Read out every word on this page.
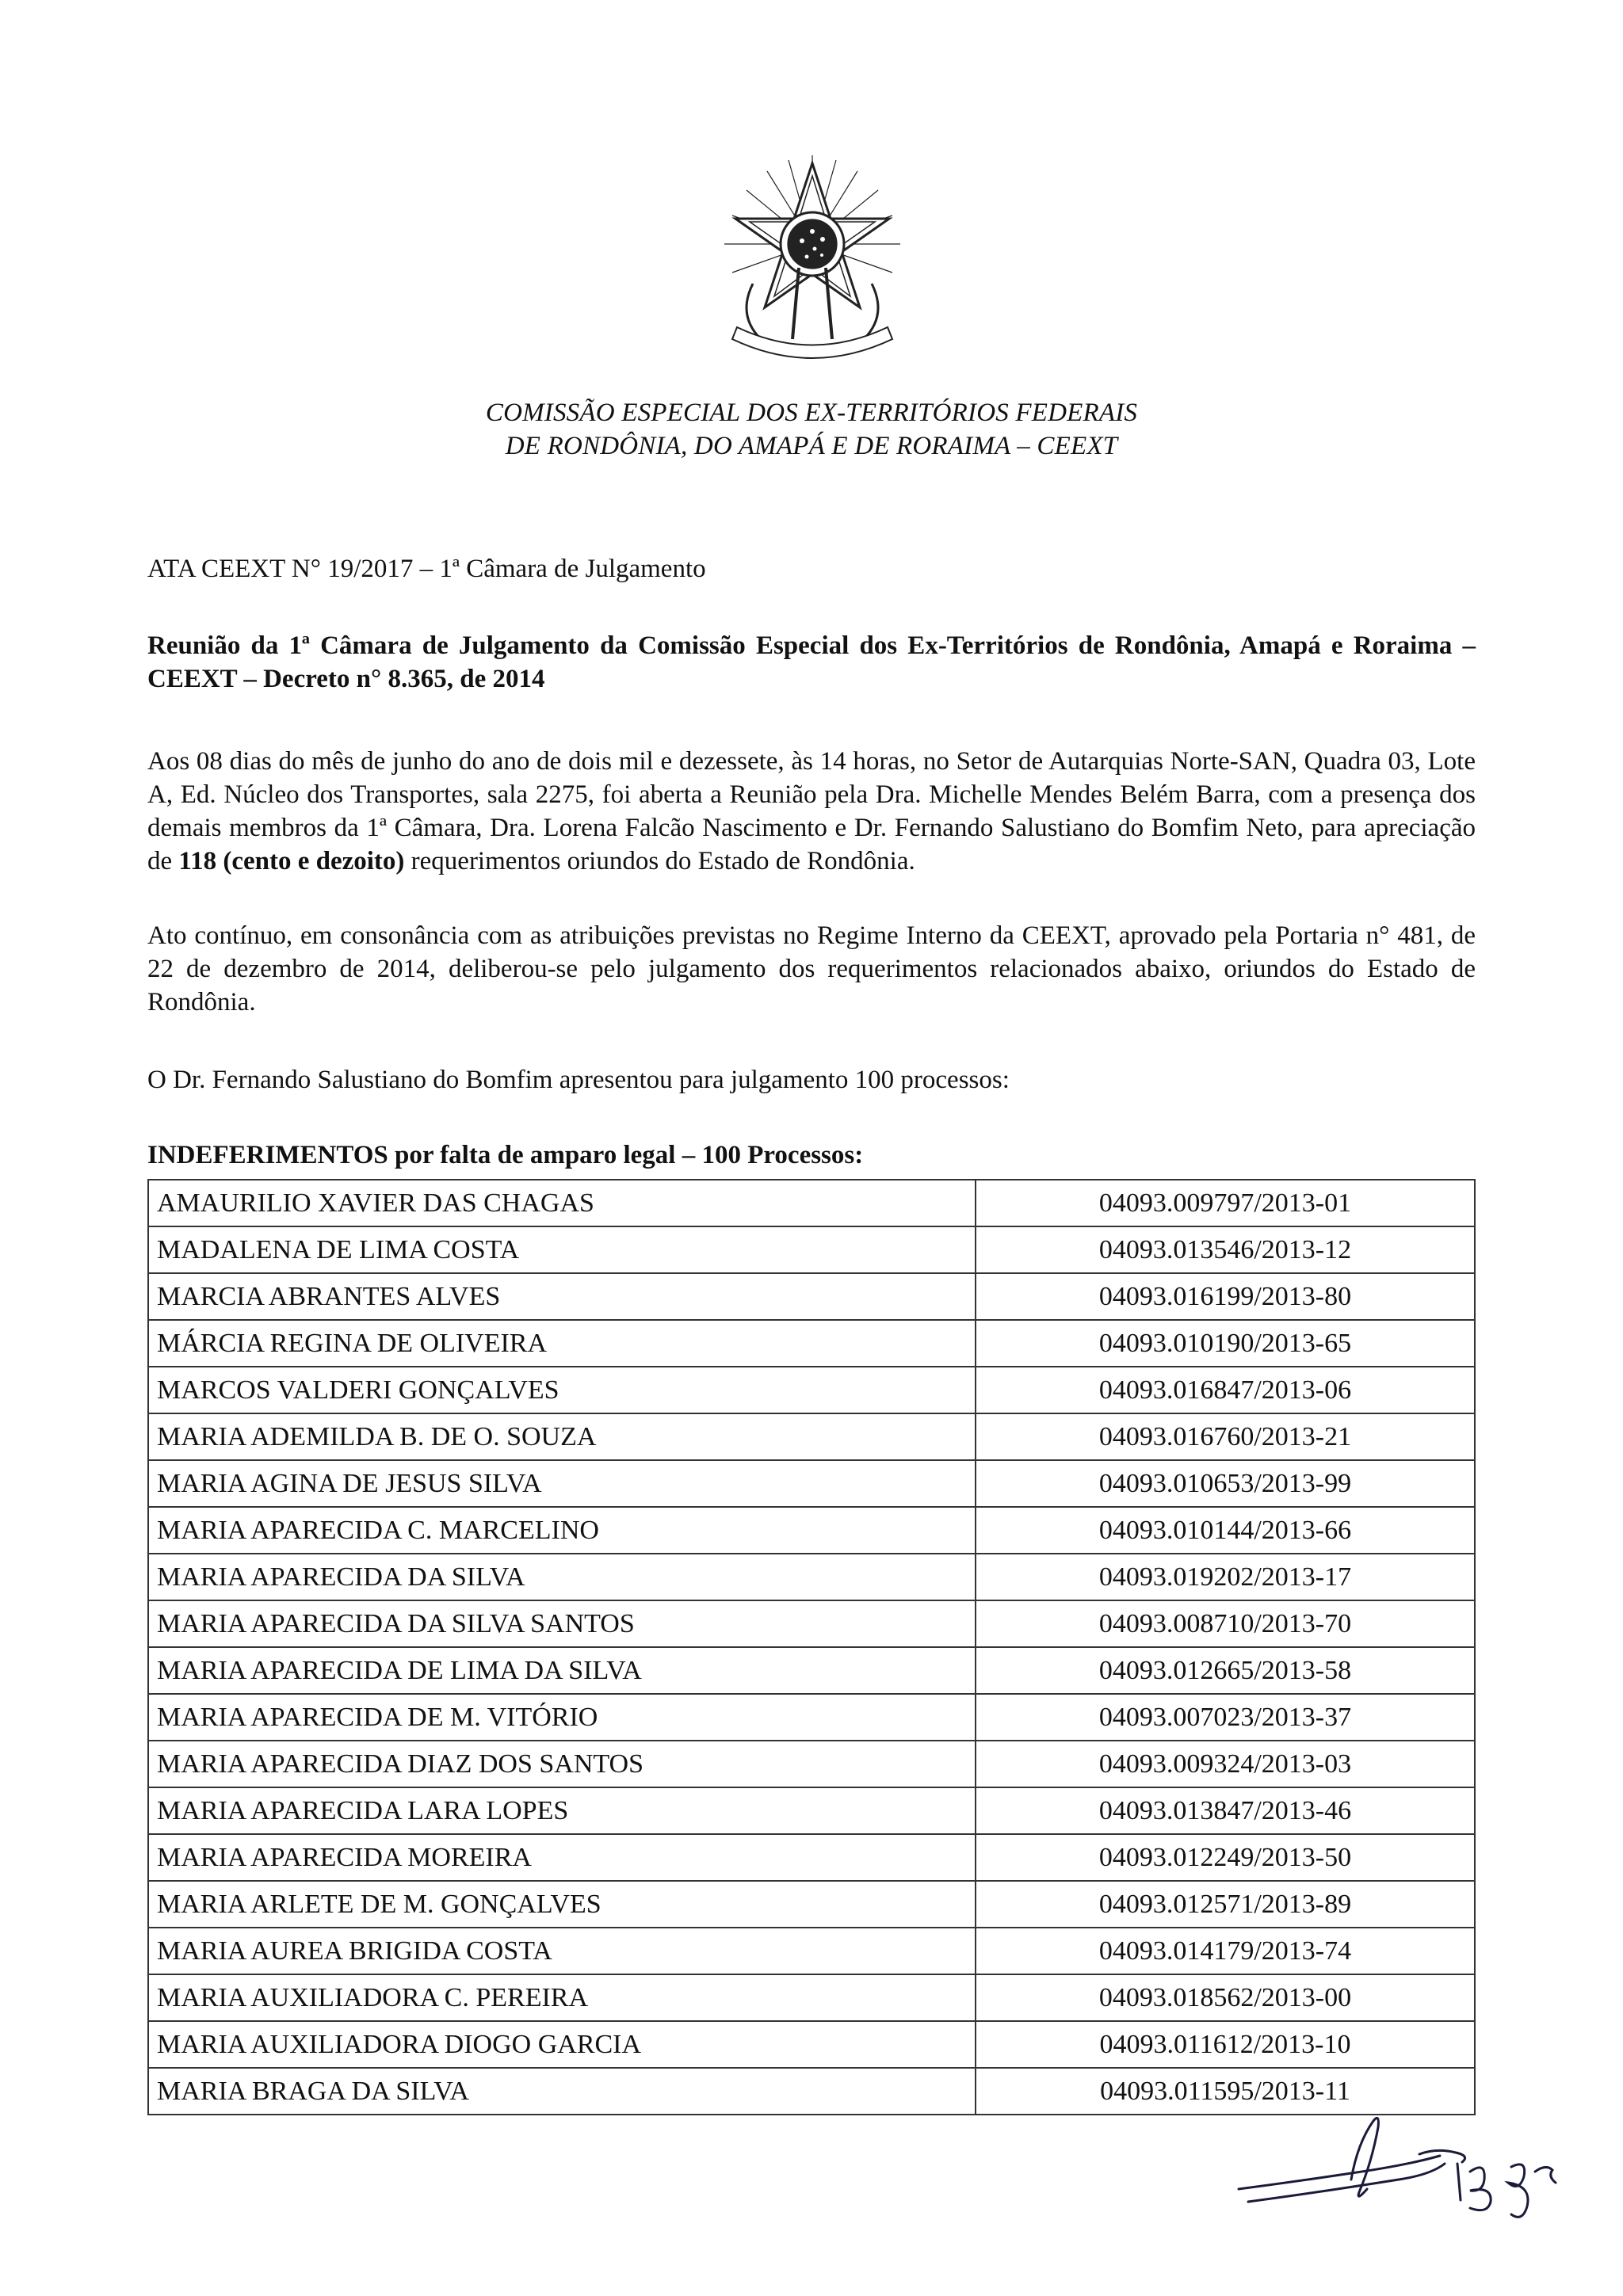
COMISSÃO ESPECIAL DOS EX-TERRITÓRIOS FEDERAIS
DE RONDÔNIA, DO AMAPÁ E DE RORAIMA – CEEXT
ATA CEEXT N° 19/2017 – 1ª Câmara de Julgamento
Reunião da 1ª Câmara de Julgamento da Comissão Especial dos Ex-Territórios de Rondônia, Amapá e Roraima – CEEXT – Decreto n° 8.365, de 2014
Aos 08 dias do mês de junho do ano de dois mil e dezessete, às 14 horas, no Setor de Autarquias Norte-SAN, Quadra 03, Lote A, Ed. Núcleo dos Transportes, sala 2275, foi aberta a Reunião pela Dra. Michelle Mendes Belém Barra, com a presença dos demais membros da 1ª Câmara, Dra. Lorena Falcão Nascimento e Dr. Fernando Salustiano do Bomfim Neto, para apreciação de 118 (cento e dezoito) requerimentos oriundos do Estado de Rondônia.
Ato contínuo, em consonância com as atribuições previstas no Regime Interno da CEEXT, aprovado pela Portaria n° 481, de 22 de dezembro de 2014, deliberou-se pelo julgamento dos requerimentos relacionados abaixo, oriundos do Estado de Rondônia.
O Dr. Fernando Salustiano do Bomfim apresentou para julgamento 100 processos:
INDEFERIMENTOS por falta de amparo legal – 100 Processos:
AMAURILIO XAVIER DAS CHAGAS	04093.009797/2013-01
MADALENA DE LIMA COSTA	04093.013546/2013-12
MARCIA ABRANTES ALVES	04093.016199/2013-80
MÁRCIA REGINA DE OLIVEIRA	04093.010190/2013-65
MARCOS VALDERI GONÇALVES	04093.016847/2013-06
MARIA ADEMILDA B. DE O. SOUZA	04093.016760/2013-21
MARIA AGINA DE JESUS SILVA	04093.010653/2013-99
MARIA APARECIDA C. MARCELINO	04093.010144/2013-66
MARIA APARECIDA DA SILVA	04093.019202/2013-17
MARIA APARECIDA DA SILVA SANTOS	04093.008710/2013-70
MARIA APARECIDA DE LIMA DA SILVA	04093.012665/2013-58
MARIA APARECIDA DE M. VITÓRIO	04093.007023/2013-37
MARIA APARECIDA DIAZ DOS SANTOS	04093.009324/2013-03
MARIA APARECIDA LARA LOPES	04093.013847/2013-46
MARIA APARECIDA MOREIRA	04093.012249/2013-50
MARIA ARLETE DE M. GONÇALVES	04093.012571/2013-89
MARIA AUREA BRIGIDA COSTA	04093.014179/2013-74
MARIA AUXILIADORA C. PEREIRA	04093.018562/2013-00
MARIA AUXILIADORA DIOGO GARCIA	04093.011612/2013-10
MARIA BRAGA DA SILVA	04093.011595/2013-11
